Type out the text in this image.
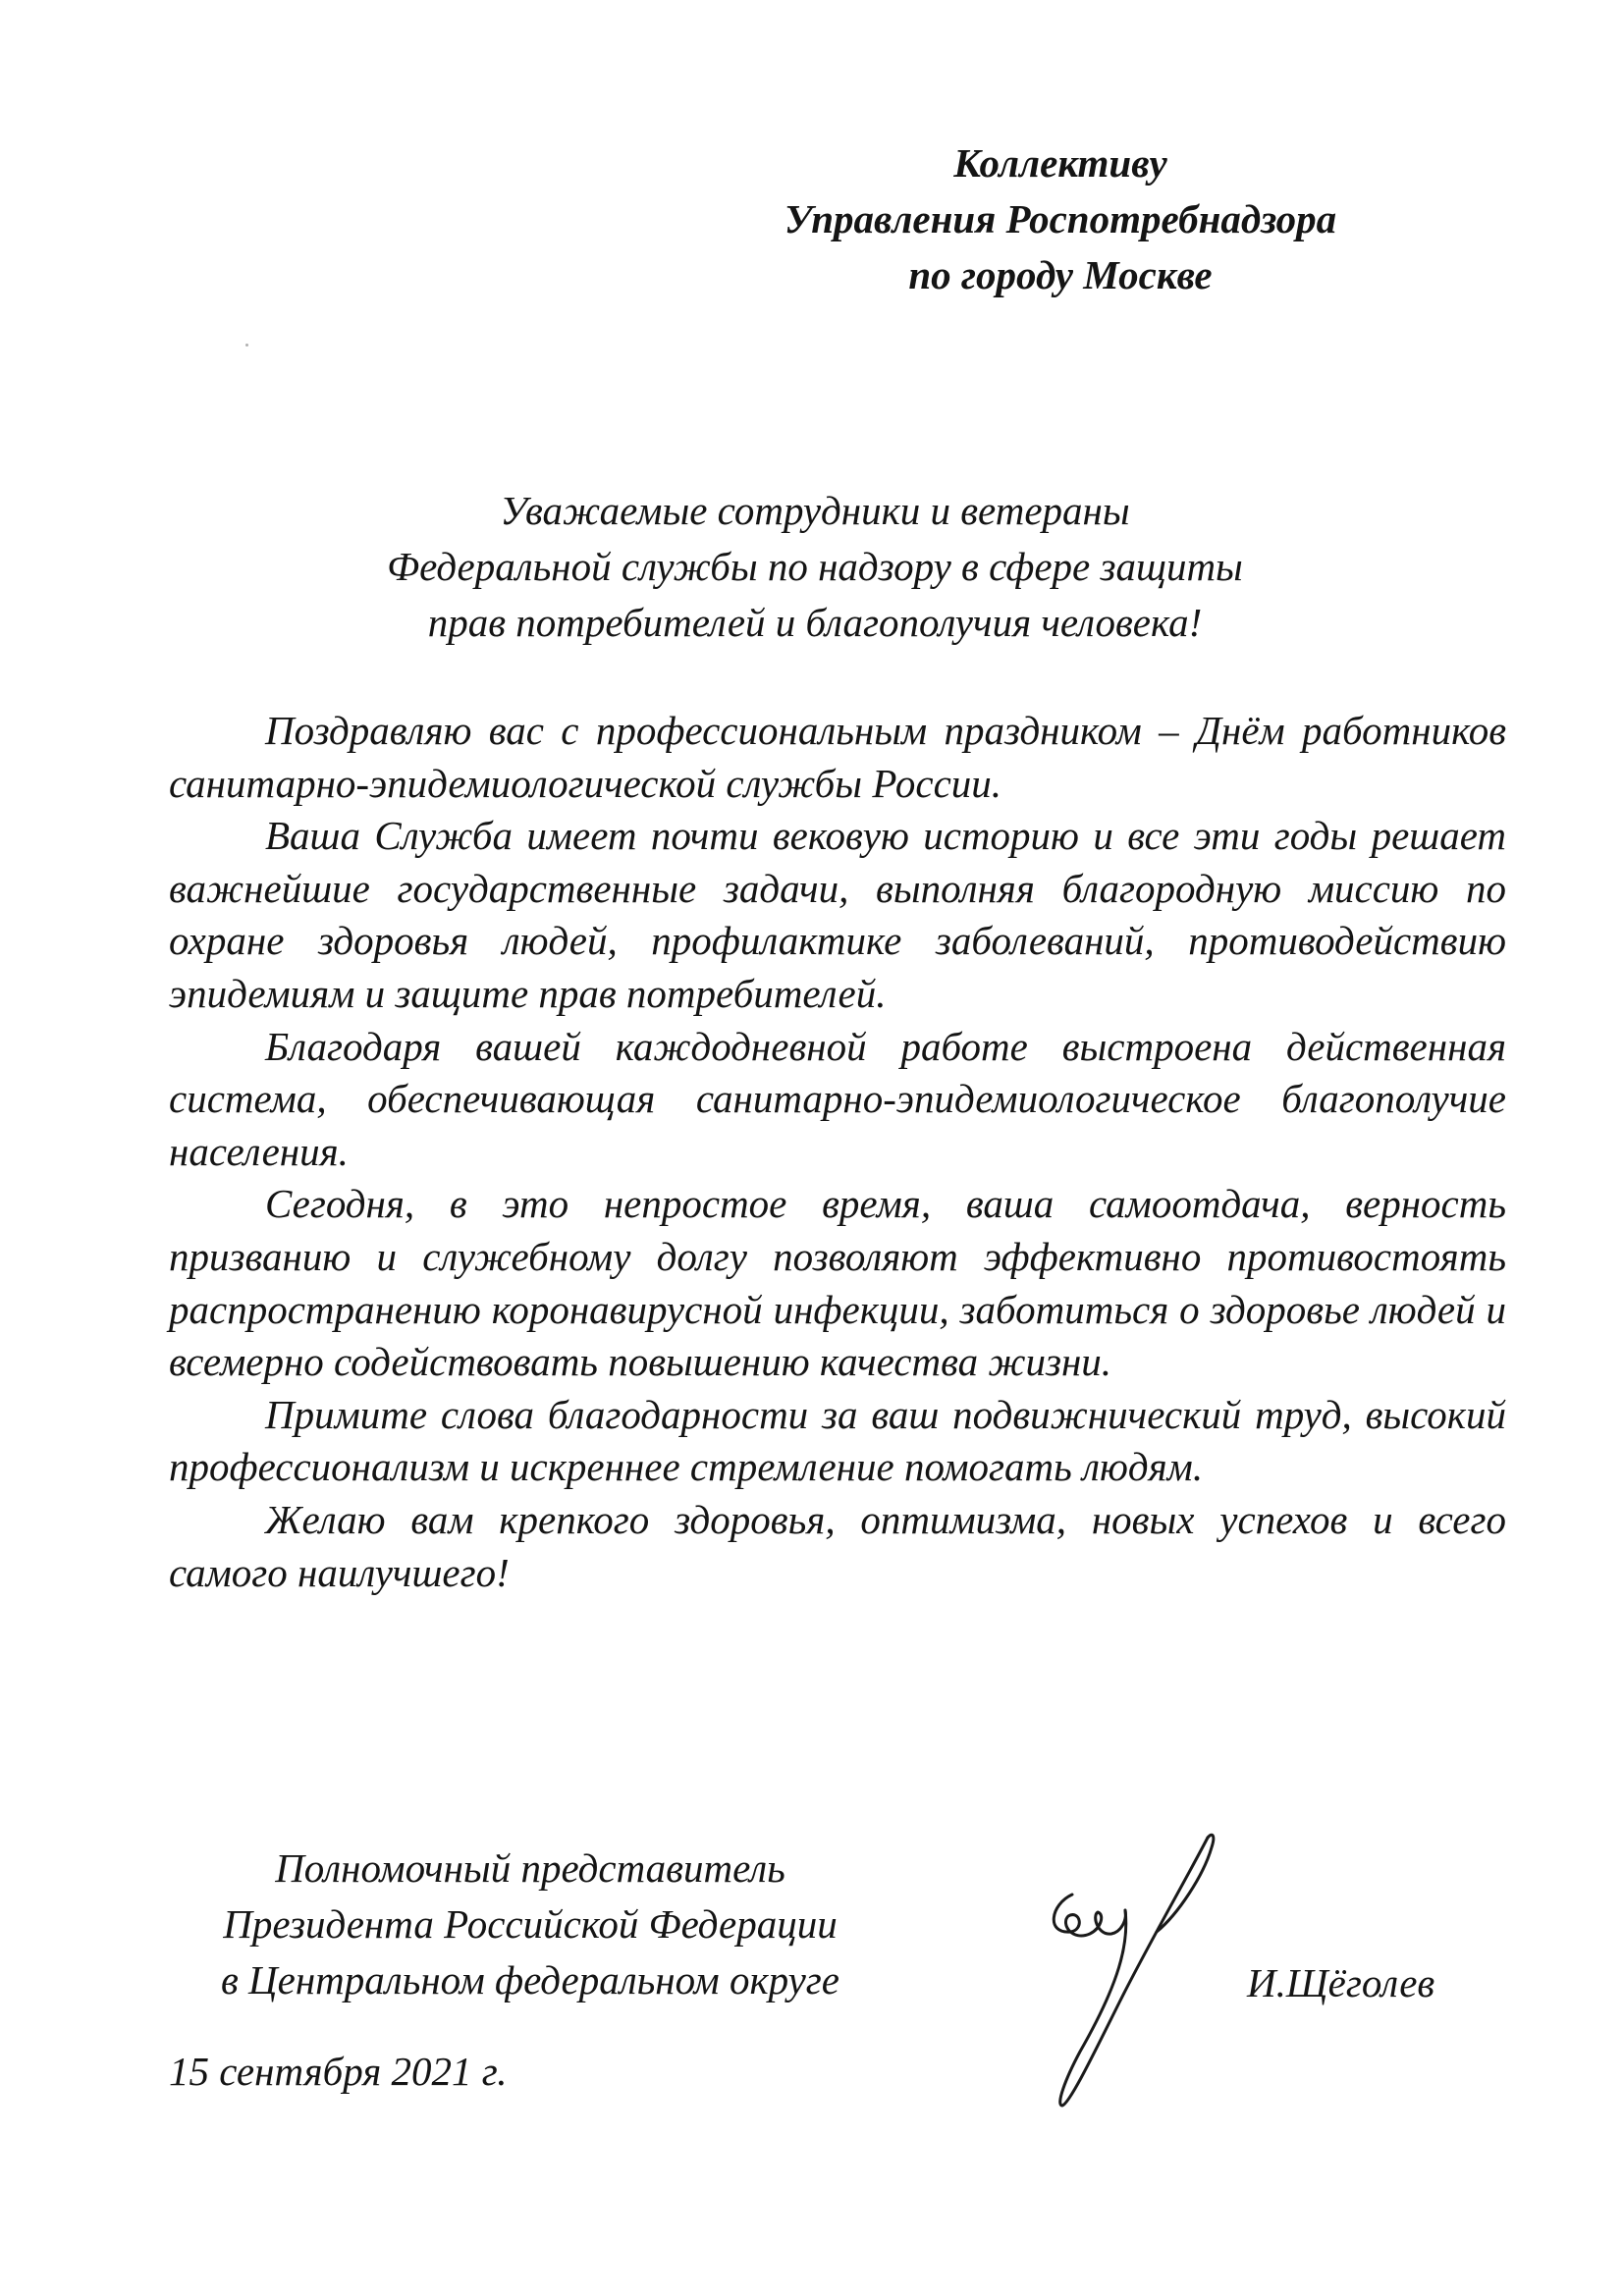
Коллективу
Управления Роспотребнадзора
по городу Москве
Уважаемые сотрудники и ветераны
Федеральной службы по надзору в сфере защиты
прав потребителей и благополучия человека!

Поздравляю вас с профессиональным праздником – Днём работников санитарно-эпидемиологической службы России.

Ваша Служба имеет почти вековую историю и все эти годы решает важнейшие государственные задачи, выполняя благородную миссию по охране здоровья людей, профилактике заболеваний, противодействию эпидемиям и защите прав потребителей.

Благодаря вашей каждодневной работе выстроена действенная система, обеспечивающая санитарно-эпидемиологическое благополучие населения.

Сегодня, в это непростое время, ваша самоотдача, верность призванию и служебному долгу позволяют эффективно противостоять распространению коронавирусной инфекции, заботиться о здоровье людей и всемерно содействовать повышению качества жизни.

Примите слова благодарности за ваш подвижнический труд, высокий профессионализм и искреннее стремление помогать людям.

Желаю вам крепкого здоровья, оптимизма, новых успехов и всего самого наилучшего!

Полномочный представитель
Президента Российской Федерации
в Центральном федеральном округе	И.Щёголев
15 сентября 2021 г.
